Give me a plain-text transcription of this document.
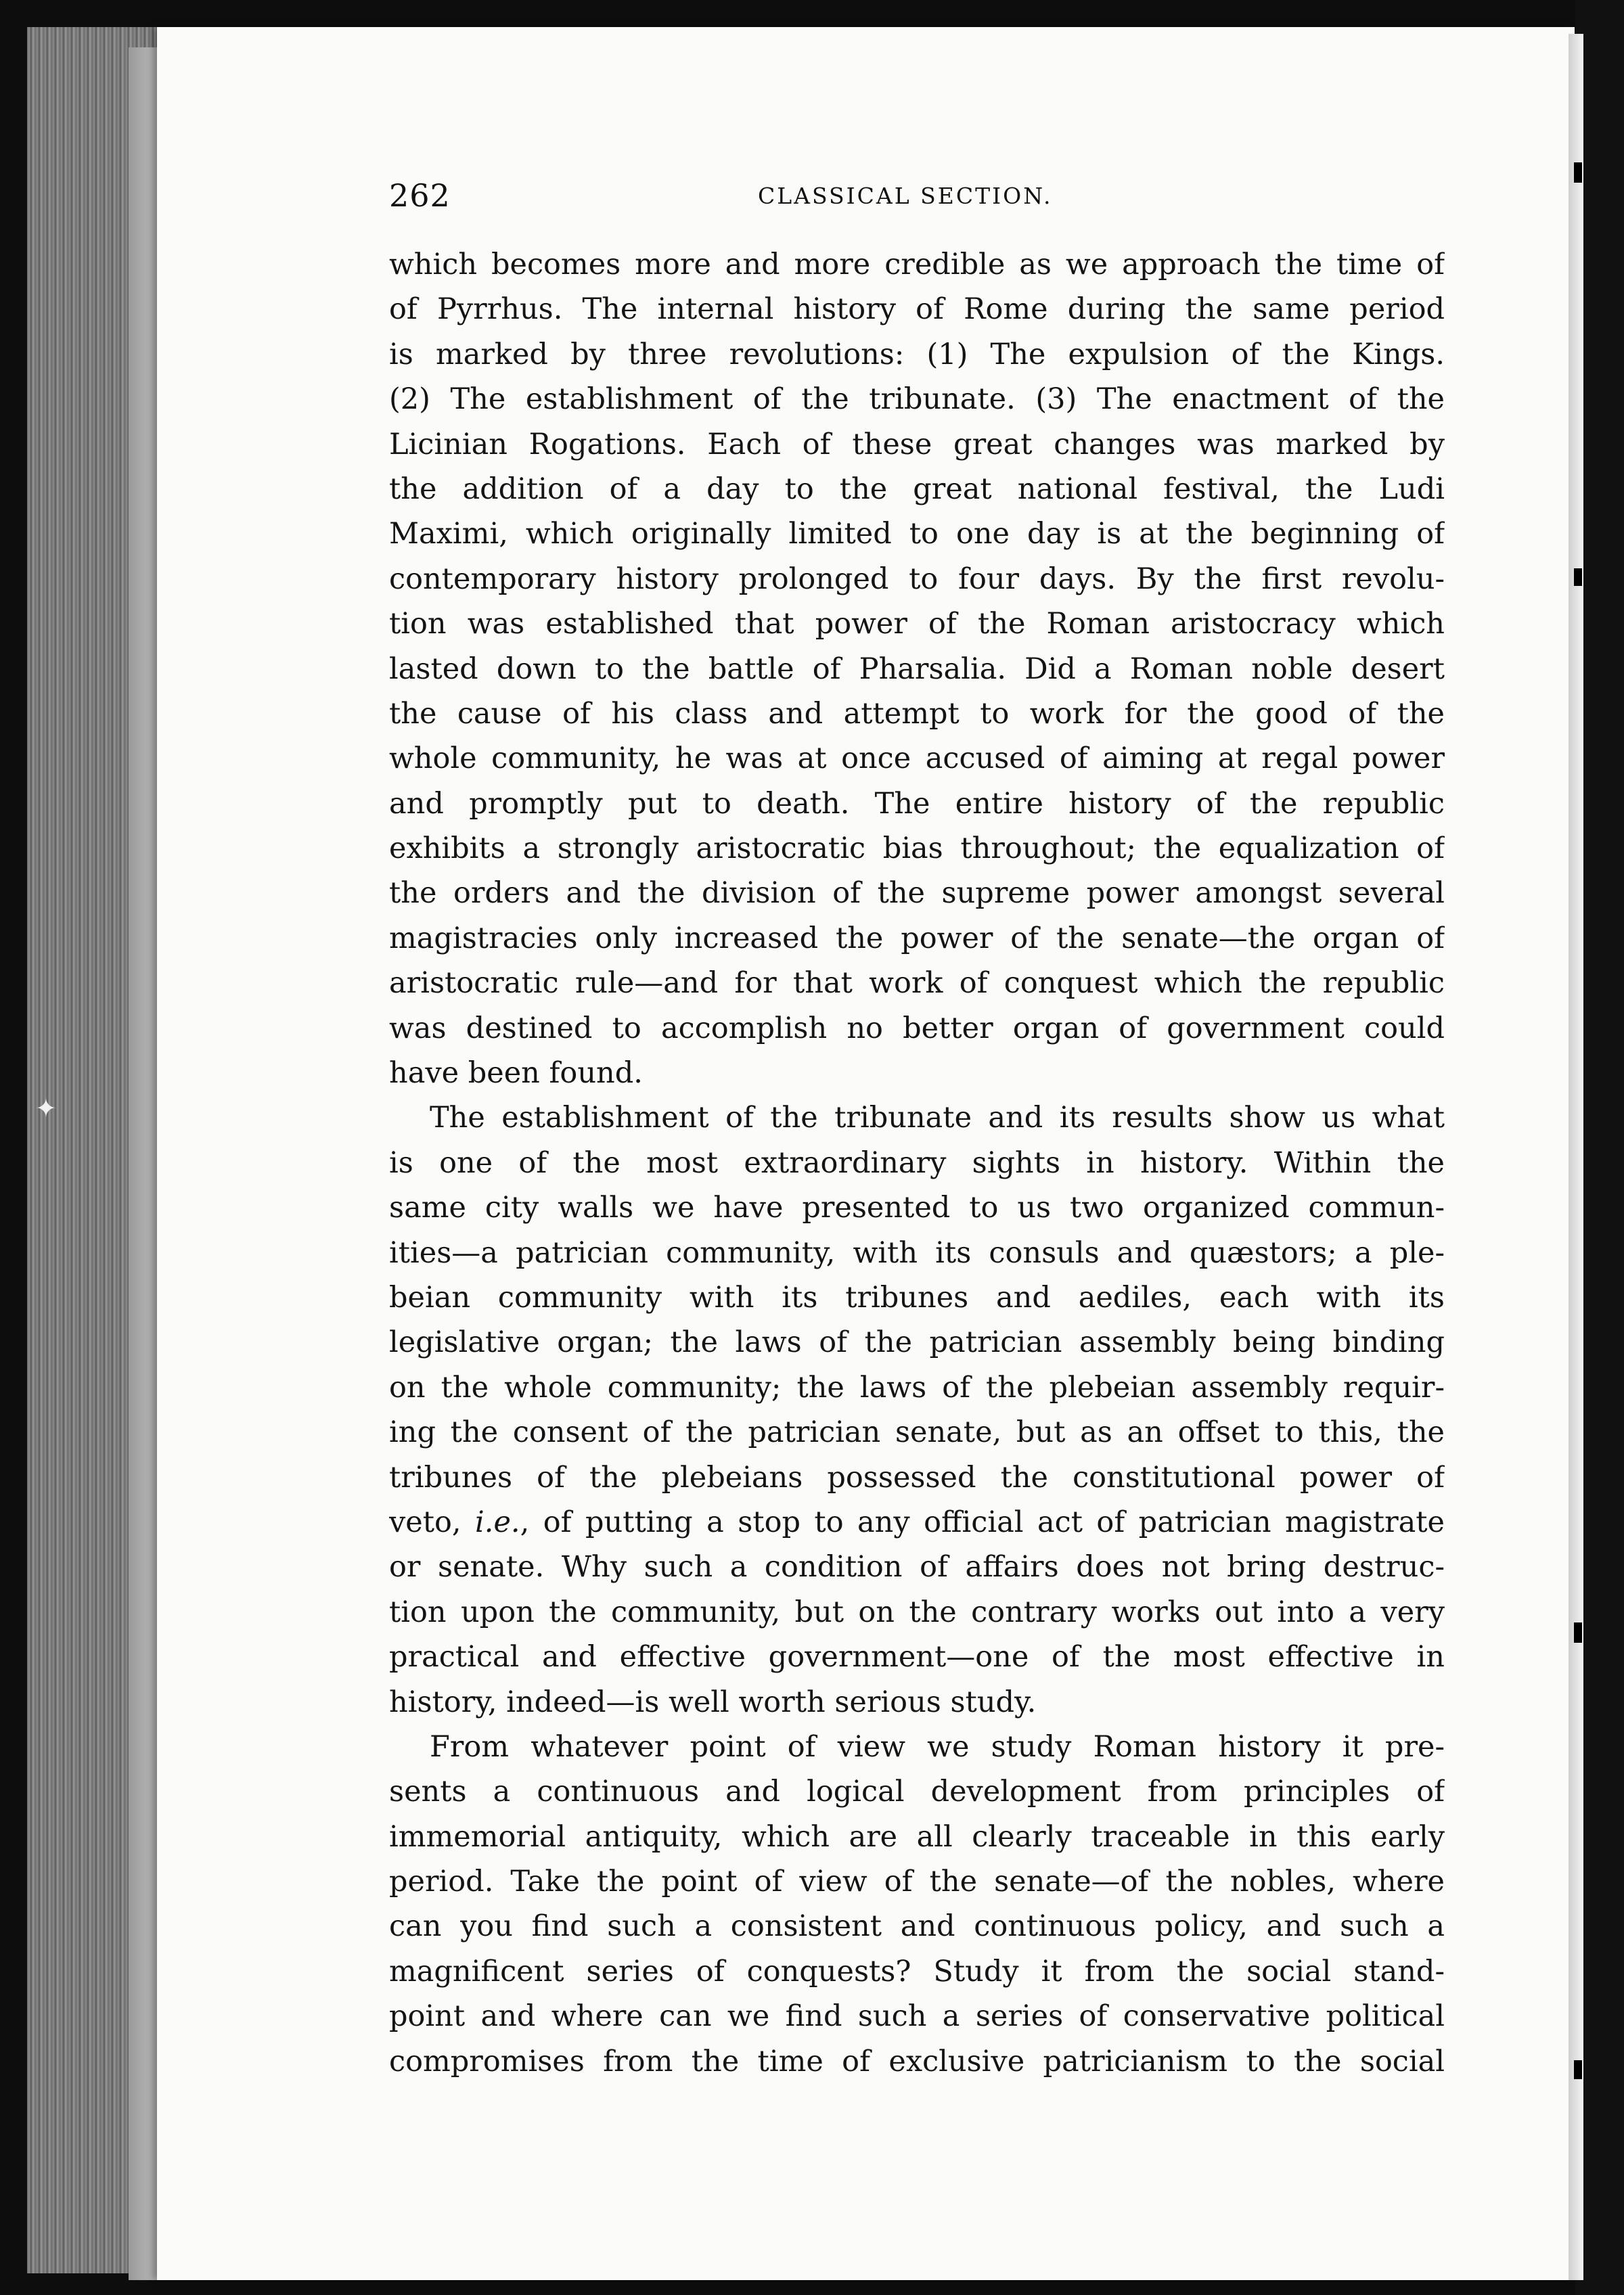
✦
262	CLASSICAL SECTION.
which becomes more and more credible as we approach the time of
of Pyrrhus. The internal history of Rome during the same period
is marked by three revolutions: (1) The expulsion of the Kings.
(2) The establishment of the tribunate. (3) The enactment of the
Licinian Rogations. Each of these great changes was marked by
the addition of a day to the great national festival, the Ludi
Maximi, which originally limited to one day is at the beginning of
contemporary history prolonged to four days. By the first revolu-
tion was established that power of the Roman aristocracy which
lasted down to the battle of Pharsalia. Did a Roman noble desert
the cause of his class and attempt to work for the good of the
whole community, he was at once accused of aiming at regal power
and promptly put to death. The entire history of the republic
exhibits a strongly aristocratic bias throughout; the equalization of
the orders and the division of the supreme power amongst several
magistracies only increased the power of the senate—the organ of
aristocratic rule—and for that work of conquest which the republic
was destined to accomplish no better organ of government could
have been found.
The establishment of the tribunate and its results show us what
is one of the most extraordinary sights in history. Within the
same city walls we have presented to us two organized commun-
ities—a patrician community, with its consuls and quæstors; a ple-
beian community with its tribunes and aediles, each with its
legislative organ; the laws of the patrician assembly being binding
on the whole community; the laws of the plebeian assembly requir-
ing the consent of the patrician senate, but as an offset to this, the
tribunes of the plebeians possessed the constitutional power of
veto, i.e., of putting a stop to any official act of patrician magistrate
or senate. Why such a condition of affairs does not bring destruc-
tion upon the community, but on the contrary works out into a very
practical and effective government—one of the most effective in
history, indeed—is well worth serious study.
From whatever point of view we study Roman history it pre-
sents a continuous and logical development from principles of
immemorial antiquity, which are all clearly traceable in this early
period. Take the point of view of the senate—of the nobles, where
can you find such a consistent and continuous policy, and such a
magnificent series of conquests? Study it from the social stand-
point and where can we find such a series of conservative political
compromises from the time of exclusive patricianism to the social
